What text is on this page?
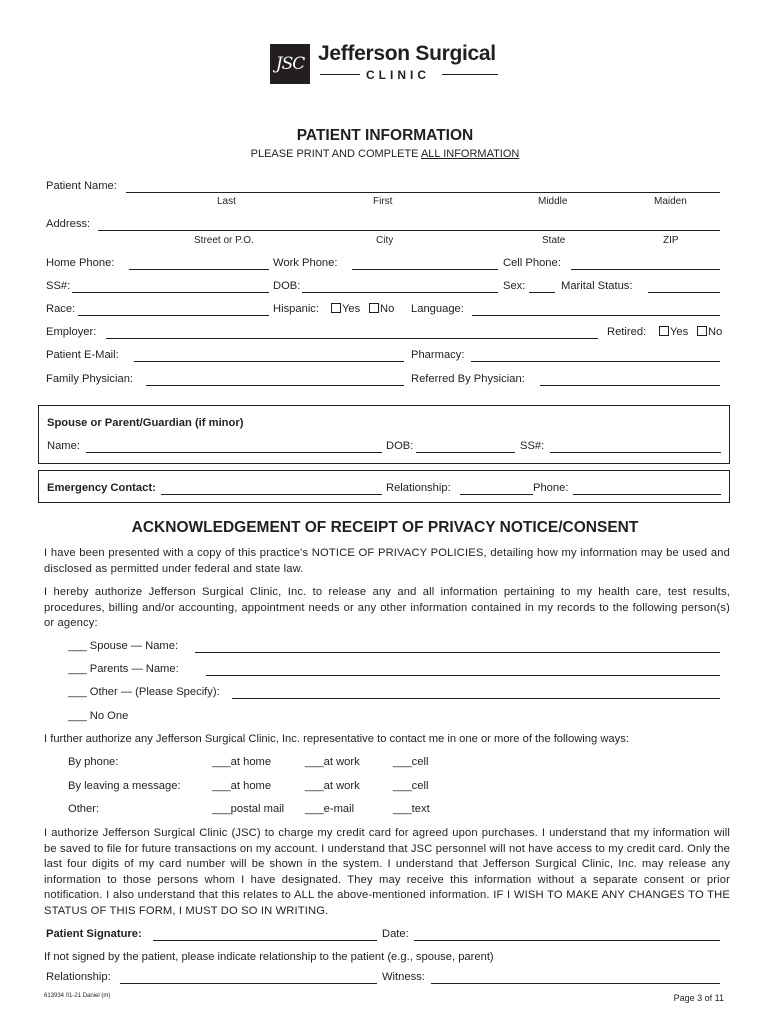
JSC Jefferson Surgical
CLINIC
PATIENT INFORMATION
PLEASE PRINT AND COMPLETE ALL INFORMATION
Patient Name:
Last	First	Middle	Maiden
Address:
Street or P.O.	City	State	ZIP
Home Phone:	Work Phone:	Cell Phone:
SS#:	DOB:	Sex:	Marital Status:
Race:	Hispanic:	Yes	No Language:
Employer:	Retired:	Yes	No
Patient E-Mail:	Pharmacy:
Family Physician:	Referred By Physician:
Spouse or Parent/Guardian (if minor)
Name:	DOB:	SS#:
Emergency Contact:	Relationship:	Phone:
ACKNOWLEDGEMENT OF RECEIPT OF PRIVACY NOTICE/CONSENT
I have been presented with a copy of this practice's NOTICE OF PRIVACY POLICIES, detailing how my information may be used and disclosed as permitted under federal and state law.
I hereby authorize Jefferson Surgical Clinic, Inc. to release any and all information pertaining to my health care, test results, procedures, billing and/or accounting, appointment needs or any other information contained in my records to the following person(s) or agency:
___ Spouse — Name:
___ Parents — Name:
___ Other — (Please Specify):
___ No One
I further authorize any Jefferson Surgical Clinic, Inc. representative to contact me in one or more of the following ways:
By phone:	___at home	___at work	___cell
By leaving a message:	___at home	___at work	___cell
Other:	___postal mail ___e-mail	___text
I authorize Jefferson Surgical Clinic (JSC) to charge my credit card for agreed upon purchases. I understand that my information will be saved to file for future transactions on my account. I understand that JSC personnel will not have access to my credit card. Only the last four digits of my card number will be shown in the system. I understand that Jefferson Surgical Clinic, Inc. may release any information to those persons whom I have designated. They may receive this information without a separate consent or prior notification. I also understand that this relates to ALL the above-mentioned information. IF I WISH TO MAKE ANY CHANGES TO THE STATUS OF THIS FORM, I MUST DO SO IN WRITING.
Patient Signature:	Date:
If not signed by the patient, please indicate relationship to the patient (e.g., spouse, parent)
Relationship:	Witness:
613934 01-21 Daniel (m)	Page 3 of 11
